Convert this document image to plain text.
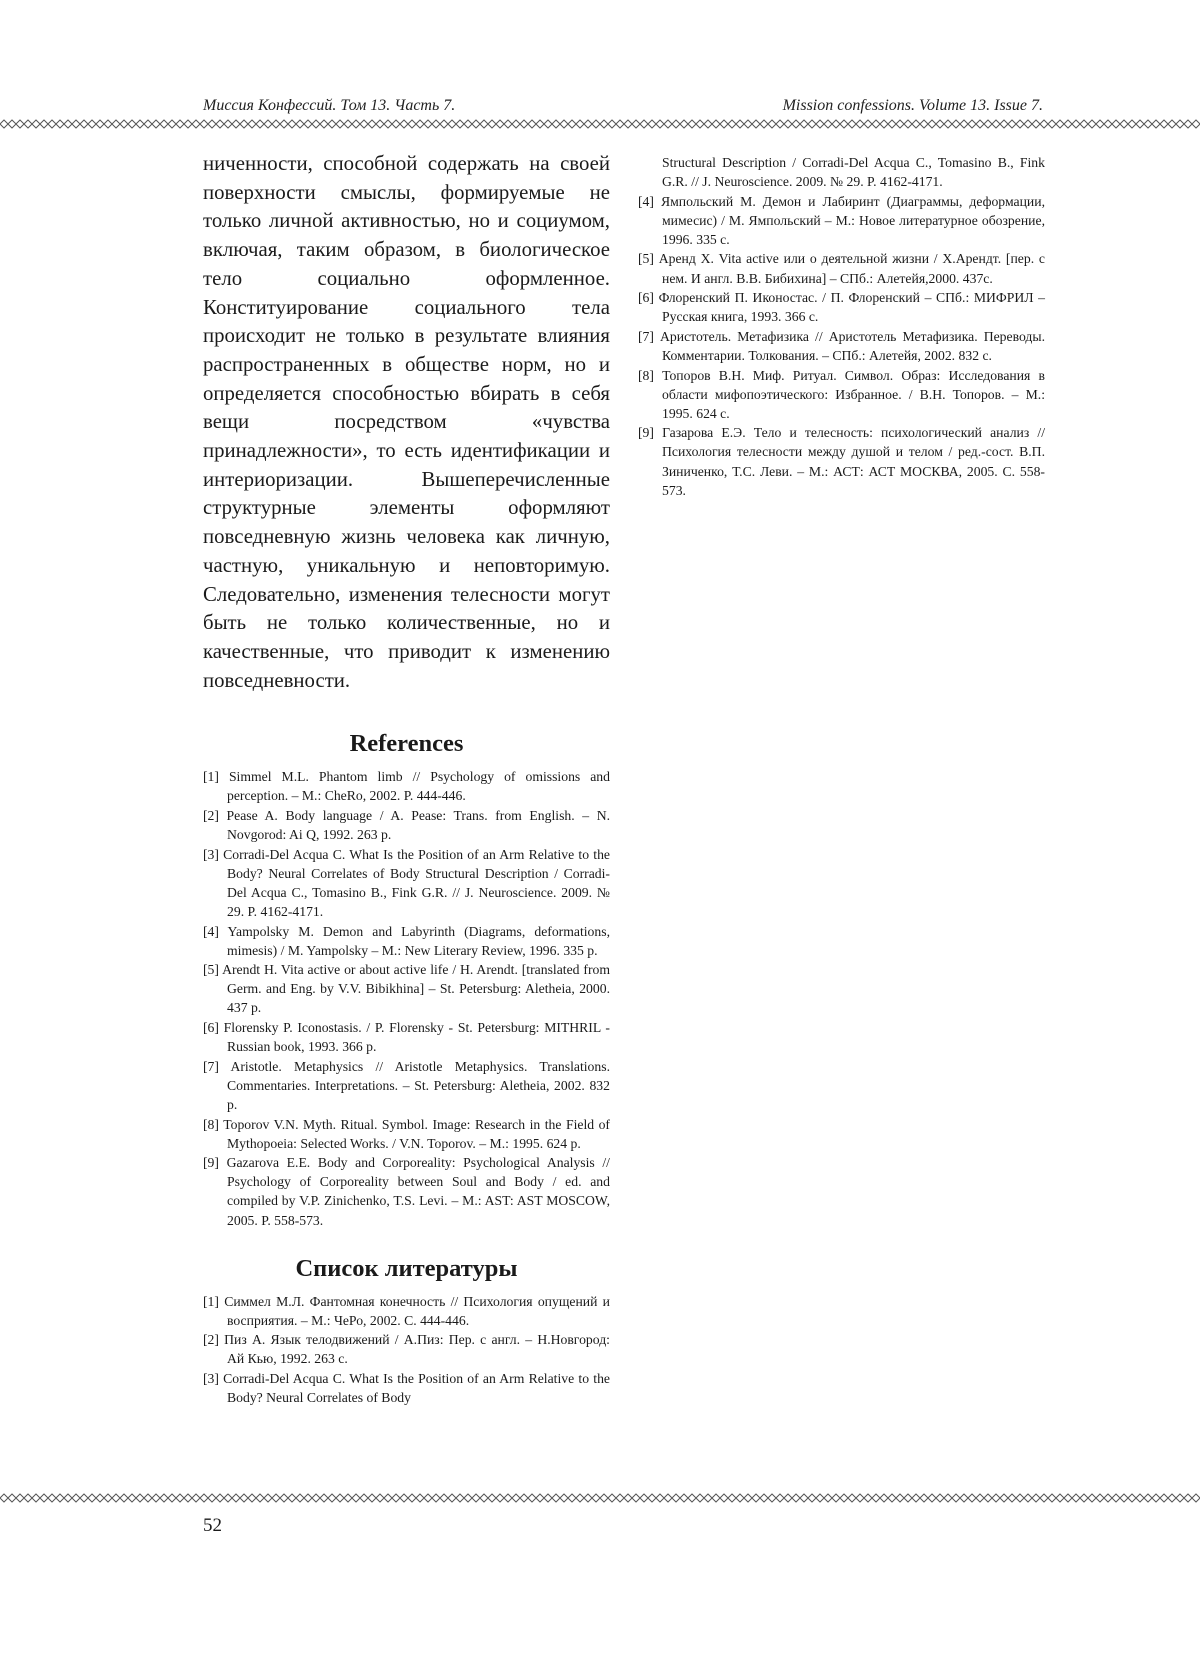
Миссия Конфессий. Том 13. Часть 7.	Mission confessions. Volume 13. Issue 7.

ниченности, способной содержать на своей поверхности смыслы, формируемые не только личной активностью, но и социумом, включая, таким образом, в биологическое тело социально оформленное. Конституирование социального тела происходит не только в результате влияния распространенных в обществе норм, но и определяется способностью вбирать в себя вещи посредством «чувства принадлежности», то есть идентификации и интериоризации. Вышеперечисленные структурные элементы оформляют повседневную жизнь человека как личную, частную, уникальную и неповторимую. Следовательно, изменения телесности могут быть не только количественные, но и качественные, что приводит к изменению повседневности.

References
[1] Simmel M.L. Phantom limb // Psychology of omissions and perception. – M.: CheRo, 2002. P. 444-446.
[2] Pease A. Body language / A. Pease: Trans. from English. – N. Novgorod: Ai Q, 1992. 263 p.
[3] Corradi-Del Acqua C. What Is the Position of an Arm Relative to the Body? Neural Correlates of Body Structural Description / Corradi-Del Acqua C., Tomasino B., Fink G.R. // J. Neuroscience. 2009. № 29. P. 4162-4171.
[4] Yampolsky M. Demon and Labyrinth (Diagrams, deformations, mimesis) / M. Yampolsky – M.: New Literary Review, 1996. 335 p.
[5] Arendt H. Vita active or about active life / H. Arendt. [translated from Germ. and Eng. by V.V. Bibikhina] – St. Petersburg: Aletheia, 2000. 437 p.
[6] Florensky P. Iconostasis. / P. Florensky - St. Petersburg: MITHRIL - Russian book, 1993. 366 p.
[7] Aristotle. Metaphysics // Aristotle Metaphysics. Translations. Commentaries. Interpretations. – St. Petersburg: Aletheia, 2002. 832 p.
[8] Toporov V.N. Myth. Ritual. Symbol. Image: Research in the Field of Mythopoeia: Selected Works. / V.N. Toporov. – M.: 1995. 624 p.
[9] Gazarova E.E. Body and Corporeality: Psychological Analysis // Psychology of Corporeality between Soul and Body / ed. and compiled by V.P. Zinichenko, T.S. Levi. – M.: AST: AST MOSCOW, 2005. P. 558-573.
Список литературы
[1] Симмел М.Л. Фантомная конечность // Психология опущений и восприятия. – М.: ЧеРо, 2002. С. 444-446.
[2] Пиз А. Язык телодвижений / А.Пиз: Пер. с англ. – Н.Новгород: Ай Кью, 1992. 263 с.
[3] Corradi-Del Acqua C. What Is the Position of an Arm Relative to the Body? Neural Correlates of Body
Structural Description / Corradi-Del Acqua C., Tomasino B., Fink G.R. // J. Neuroscience. 2009. № 29. P. 4162-4171.
[4] Ямпольский М. Демон и Лабиринт (Диаграммы, деформации, мимесис) / М. Ямпольский – М.: Новое литературное обозрение, 1996. 335 с.
[5] Аренд Х. Vita active или о деятельной жизни / Х.Арендт. [пер. с нем. И англ. В.В. Бибихина] – СПб.: Алетейя,2000. 437с.
[6] Флоренский П. Иконостас. / П. Флоренский – СПб.: МИФРИЛ – Русская книга, 1993. 366 с.
[7] Аристотель. Метафизика // Аристотель Метафизика. Переводы. Комментарии. Толкования. – СПб.: Алетейя, 2002. 832 с.
[8] Топоров В.Н. Миф. Ритуал. Символ. Образ: Исследования в области мифопоэтического: Избранное. / В.Н. Топоров. – М.: 1995. 624 с.
[9] Газарова Е.Э. Тело и телесность: психологический анализ // Психология телесности между душой и телом / ред.-сост. В.П. Зиниченко, Т.С. Леви. – М.: АСТ: АСТ МОСКВА, 2005. С. 558-573.
52
